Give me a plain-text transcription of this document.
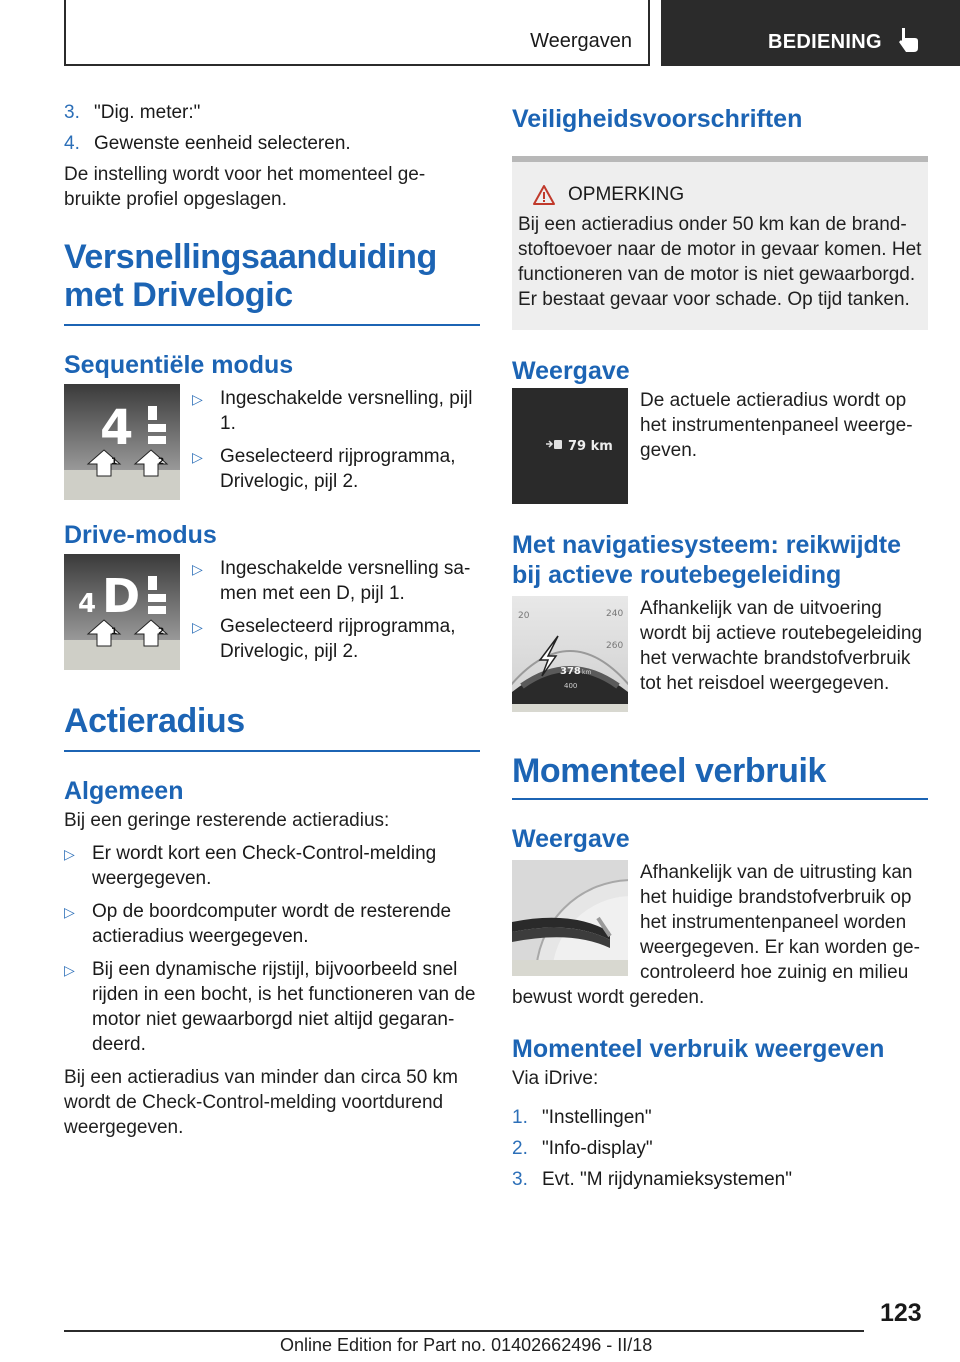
Weergaven	BEDIENING
3. "Dig. meter:"
4. Gewenste eenheid selecteren.

De instelling wordt voor het momenteel gebruikte profiel opgeslagen.

Versnellingsaanduiding met Drivelogic
Sequentiële modus
4
1	2
▷ Ingeschakelde versnelling, pijl 1.
▷ Geselecteerd rijprogramma, Drivelogic, pijl 2.
Drive-modus
4 D
1	2
▷ Ingeschakelde versnelling samen met een D, pijl 1.
▷ Geselecteerd rijprogramma, Drivelogic, pijl 2.
Actieradius
Algemeen

Bij een geringe resterende actieradius:

▷ Er wordt kort een Check-Control-melding weergegeven.
▷ Op de boordcomputer wordt de resterende actieradius weergegeven.
▷ Bij een dynamische rijstijl, bijvoorbeeld snel rijden in een bocht, is het functioneren van de motor niet gewaarborgd niet altijd gegarandeerd.

Bij een actieradius van minder dan circa 50 km wordt de Check-Control-melding voortdurend weergegeven.

Veiligheidsvoorschriften
OPMERKING

Bij een actieradius onder 50 km kan de brandstoftoevoer naar de motor in gevaar komen. Het functioneren van de motor is niet gewaarborgd. Er bestaat gevaar voor schade. Op tijd tanken.

Weergave
79 km

De actuele actieradius wordt op het instrumentenpaneel weergegeven.

Met navigatiesysteem: reikwijdte bij actieve routebegeleiding
20	240
260
378 km
400

Afhankelijk van de uitvoering wordt bij actieve routebegeleiding het verwachte brandstofverbruik tot het reisdoel weergegeven.

Momenteel verbruik
Weergave

Afhankelijk van de uitrusting kan het huidige brandstofverbruik op het instrumentenpaneel worden weergegeven. Er kan worden gecontroleerd hoe zuinig en milieu

bewust wordt gereden.

Momenteel verbruik weergeven

Via iDrive:

1. "Instellingen"
2. "Info-display"
3. Evt. "M rijdynamieksystemen"
123
Online Edition for Part no. 01402662496 - II/18
